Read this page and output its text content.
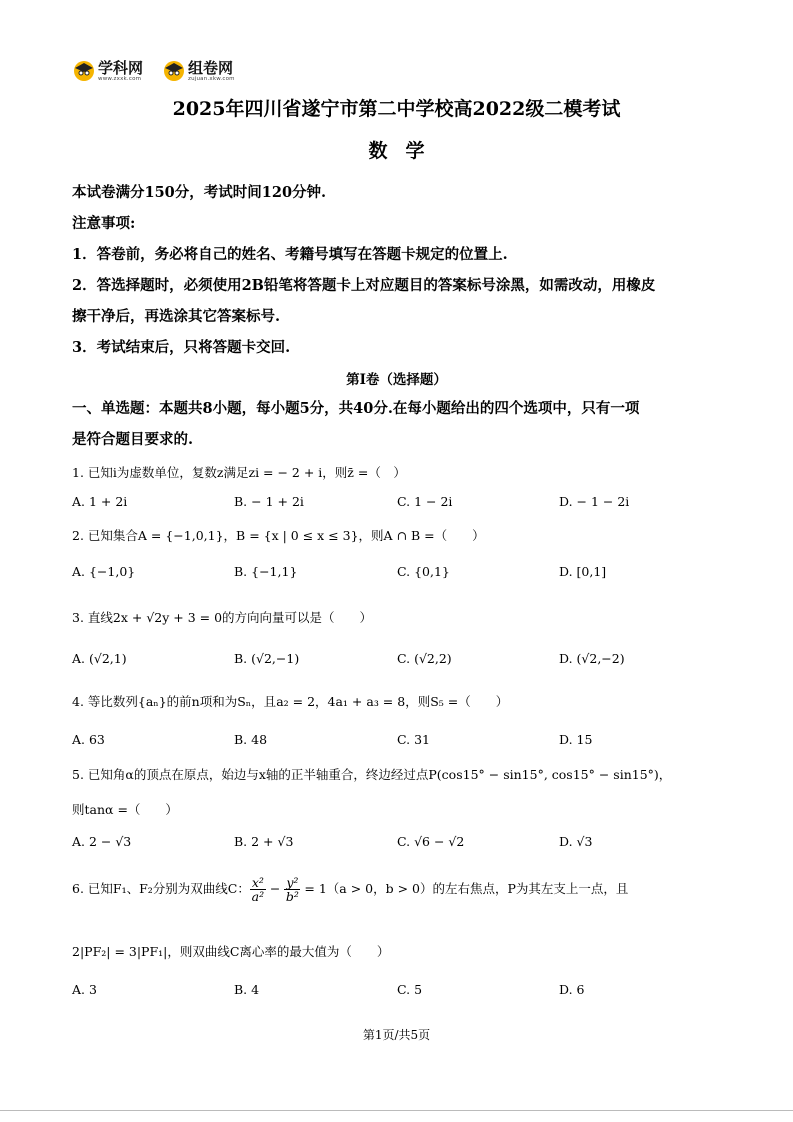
学科网
www.zxxk.com
组卷网
zujuan.xkw.com
2025年四川省遂宁市第二中学校高2022级二模考试
数学
本试卷满分150分，考试时间120分钟.
注意事项:
1．答卷前，务必将自己的姓名、考籍号填写在答题卡规定的位置上.
2．答选择题时，必须使用2B铅笔将答题卡上对应题目的答案标号涂黑，如需改动，用橡皮
擦干净后，再选涂其它答案标号.
3．考试结束后，只将答题卡交回.
第I卷（选择题）
一、单选题：本题共8小题，每小题5分，共40分.在每小题给出的四个选项中，只有一项
是符合题目要求的.
1. 已知i为虚数单位，复数z满足zi = − 2 + i，则z̄ =（　）
A. 1 + 2i	B. − 1 + 2i	C. 1 − 2i	D. − 1 − 2i
2. 已知集合A = {−1,0,1}，B = {x | 0 ≤ x ≤ 3}，则A ∩ B =（　　）
A. {−1,0}	B. {−1,1}	C. {0,1}	D. [0,1]
3. 直线2x + √2y + 3 = 0的方向向量可以是（　　）
A. (√2,1)	B. (√2,−1)	C. (√2,2)	D. (√2,−2)
4. 等比数列{aₙ}的前n项和为Sₙ，且a₂ = 2，4a₁ + a₃ = 8，则S₅ =（　　）
A. 63	B. 48	C. 31	D. 15
5. 已知角α的顶点在原点，始边与x轴的正半轴重合，终边经过点P(cos15° − sin15°, cos15° − sin15°)，
则tanα =（　　）
A. 2 − √3	B. 2 + √3	C. √6 − √2	D. √3
6. 已知F₁、F₂分别为双曲线C： $\frac{\text{x²}}{\text{a²}} - \frac{\text{y²}}{\text{b²}} = 1(a > 0$，b > 0）的左右焦点，P为其左支上一点，且
2|PF₂| = 3|PF₁|，则双曲线C离心率的最大值为（　　）
A. 3	B. 4	C. 5	D. 6
第1页/共5页
